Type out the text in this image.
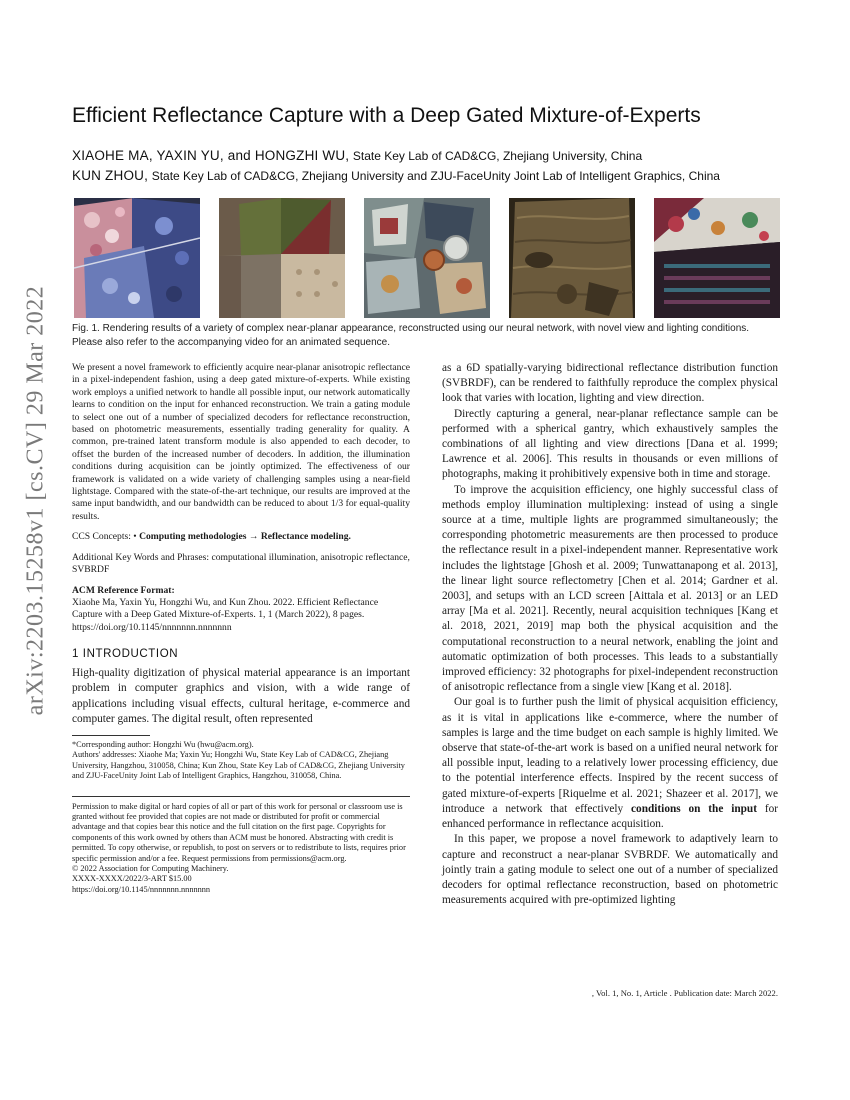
arXiv:2203.15258v1 [cs.CV] 29 Mar 2022
Efficient Reflectance Capture with a Deep Gated Mixture-of-Experts
XIAOHE MA, YAXIN YU, and HONGZHI WU, State Key Lab of CAD&CG, Zhejiang University, China
KUN ZHOU, State Key Lab of CAD&CG, Zhejiang University and ZJU-FaceUnity Joint Lab of Intelligent Graphics, China
Fig. 1. Rendering results of a variety of complex near-planar appearance, reconstructed using our neural network, with novel view and lighting conditions. Please also refer to the accompanying video for an animated sequence.

We present a novel framework to efficiently acquire near-planar anisotropic reflectance in a pixel-independent fashion, using a deep gated mixture-of-experts. While existing work employs a unified network to handle all possible input, our network automatically learns to condition on the input for enhanced reconstruction. We train a gating module to select one out of a number of specialized decoders for reflectance reconstruction, based on photometric measurements, essentially trading generality for quality. A common, pre-trained latent transform module is also appended to each decoder, to offset the burden of the increased number of decoders. In addition, the illumination conditions during acquisition can be jointly optimized. The effectiveness of our framework is validated on a wide variety of challenging samples using a near-field lightstage. Compared with the state-of-the-art technique, our results are improved at the same input bandwidth, and our bandwidth can be reduced to about 1/3 for equal-quality results.

CCS Concepts: • Computing methodologies → Reflectance modeling.

Additional Key Words and Phrases: computational illumination, anisotropic reflectance, SVBRDF

ACM Reference Format:

Xiaohe Ma, Yaxin Yu, Hongzhi Wu, and Kun Zhou. 2022. Efficient Reflectance Capture with a Deep Gated Mixture-of-Experts. 1, 1 (March 2022), 8 pages. https://doi.org/10.1145/nnnnnnn.nnnnnnn

1 INTRODUCTION

High-quality digitization of physical material appearance is an important problem in computer graphics and vision, with a wide range of applications including visual effects, cultural heritage, e-commerce and computer games. The digital result, often represented

*Corresponding author: Hongzhi Wu (hwu@acm.org).

Authors' addresses: Xiaohe Ma; Yaxin Yu; Hongzhi Wu, State Key Lab of CAD&CG, Zhejiang University, Hangzhou, 310058, China; Kun Zhou, State Key Lab of CAD&CG, Zhejiang University and ZJU-FaceUnity Joint Lab of Intelligent Graphics, Hangzhou, 310058, China.

Permission to make digital or hard copies of all or part of this work for personal or classroom use is granted without fee provided that copies are not made or distributed for profit or commercial advantage and that copies bear this notice and the full citation on the first page. Copyrights for components of this work owned by others than ACM must be honored. Abstracting with credit is permitted. To copy otherwise, or republish, to post on servers or to redistribute to lists, requires prior specific permission and/or a fee. Request permissions from permissions@acm.org.

© 2022 Association for Computing Machinery.

XXXX-XXXX/2022/3-ART $15.00

https://doi.org/10.1145/nnnnnnn.nnnnnnn

as a 6D spatially-varying bidirectional reflectance distribution function (SVBRDF), can be rendered to faithfully reproduce the complex physical look that varies with location, lighting and view direction.

Directly capturing a general, near-planar reflectance sample can be performed with a spherical gantry, which exhaustively samples the combinations of all lighting and view directions [Dana et al. 1999; Lawrence et al. 2006]. This results in thousands or even millions of photographs, making it prohibitively expensive both in time and storage.

To improve the acquisition efficiency, one highly successful class of methods employ illumination multiplexing: instead of using a single source at a time, multiple lights are programmed simultaneously; the corresponding photometric measurements are then processed to produce the reflectance result in a pixel-independent manner. Representative work includes the lightstage [Ghosh et al. 2009; Tunwattanapong et al. 2013], the linear light source reflectometry [Chen et al. 2014; Gardner et al. 2003], and setups with an LCD screen [Aittala et al. 2013] or an LED array [Ma et al. 2021]. Recently, neural acquisition techniques [Kang et al. 2018, 2021, 2019] map both the physical acquisition and the computational reconstruction to a neural network, enabling the joint and automatic optimization of both processes. This leads to a substantially improved efficiency: 32 photographs for pixel-independent reconstruction of anisotropic reflectance from a single view [Kang et al. 2018].

Our goal is to further push the limit of physical acquisition efficiency, as it is vital in applications like e-commerce, where the number of samples is large and the time budget on each sample is highly limited. We observe that state-of-the-art work is based on a unified neural network for all possible input, leading to a relatively lower processing efficiency, due to the potential interference effects. Inspired by the recent success of gated mixture-of-experts [Riquelme et al. 2021; Shazeer et al. 2017], we introduce a network that effectively conditions on the input for enhanced performance in reflectance acquisition.

In this paper, we propose a novel framework to adaptively learn to capture and reconstruct a near-planar SVBRDF. We automatically and jointly train a gating module to select one out of a number of specialized decoders for optimal reflectance reconstruction, based on photometric measurements acquired with pre-optimized lighting

, Vol. 1, No. 1, Article . Publication date: March 2022.
